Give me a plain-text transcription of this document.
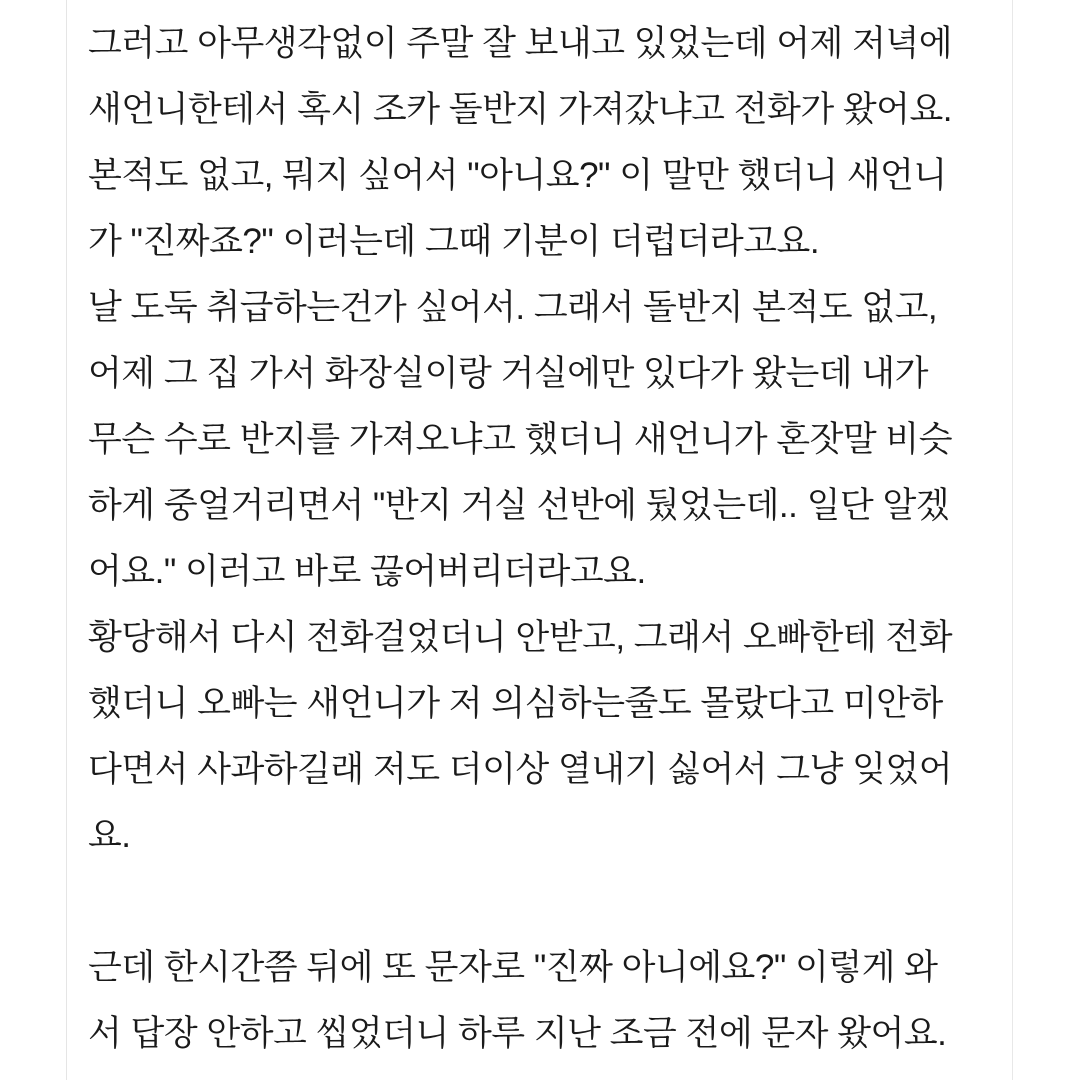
그러고 아무생각없이 주말 잘 보내고 있었는데 어제 저녁에
새언니한테서 혹시 조카 돌반지 가져갔냐고 전화가 왔어요.
본적도 없고, 뭐지 싶어서 "아니요?" 이 말만 했더니 새언니
가 "진짜죠?" 이러는데 그때 기분이 더럽더라고요.
날 도둑 취급하는건가 싶어서. 그래서 돌반지 본적도 없고,
어제 그 집 가서 화장실이랑 거실에만 있다가 왔는데 내가
무슨 수로 반지를 가져오냐고 했더니 새언니가 혼잣말 비슷
하게 중얼거리면서 "반지 거실 선반에 뒀었는데.. 일단 알겠
어요." 이러고 바로 끊어버리더라고요.
황당해서 다시 전화걸었더니 안받고, 그래서 오빠한테 전화
했더니 오빠는 새언니가 저 의심하는줄도 몰랐다고 미안하
다면서 사과하길래 저도 더이상 열내기 싫어서 그냥 잊었어
요.
근데 한시간쯤 뒤에 또 문자로 "진짜 아니에요?" 이렇게 와
서 답장 안하고 씹었더니 하루 지난 조금 전에 문자 왔어요.
